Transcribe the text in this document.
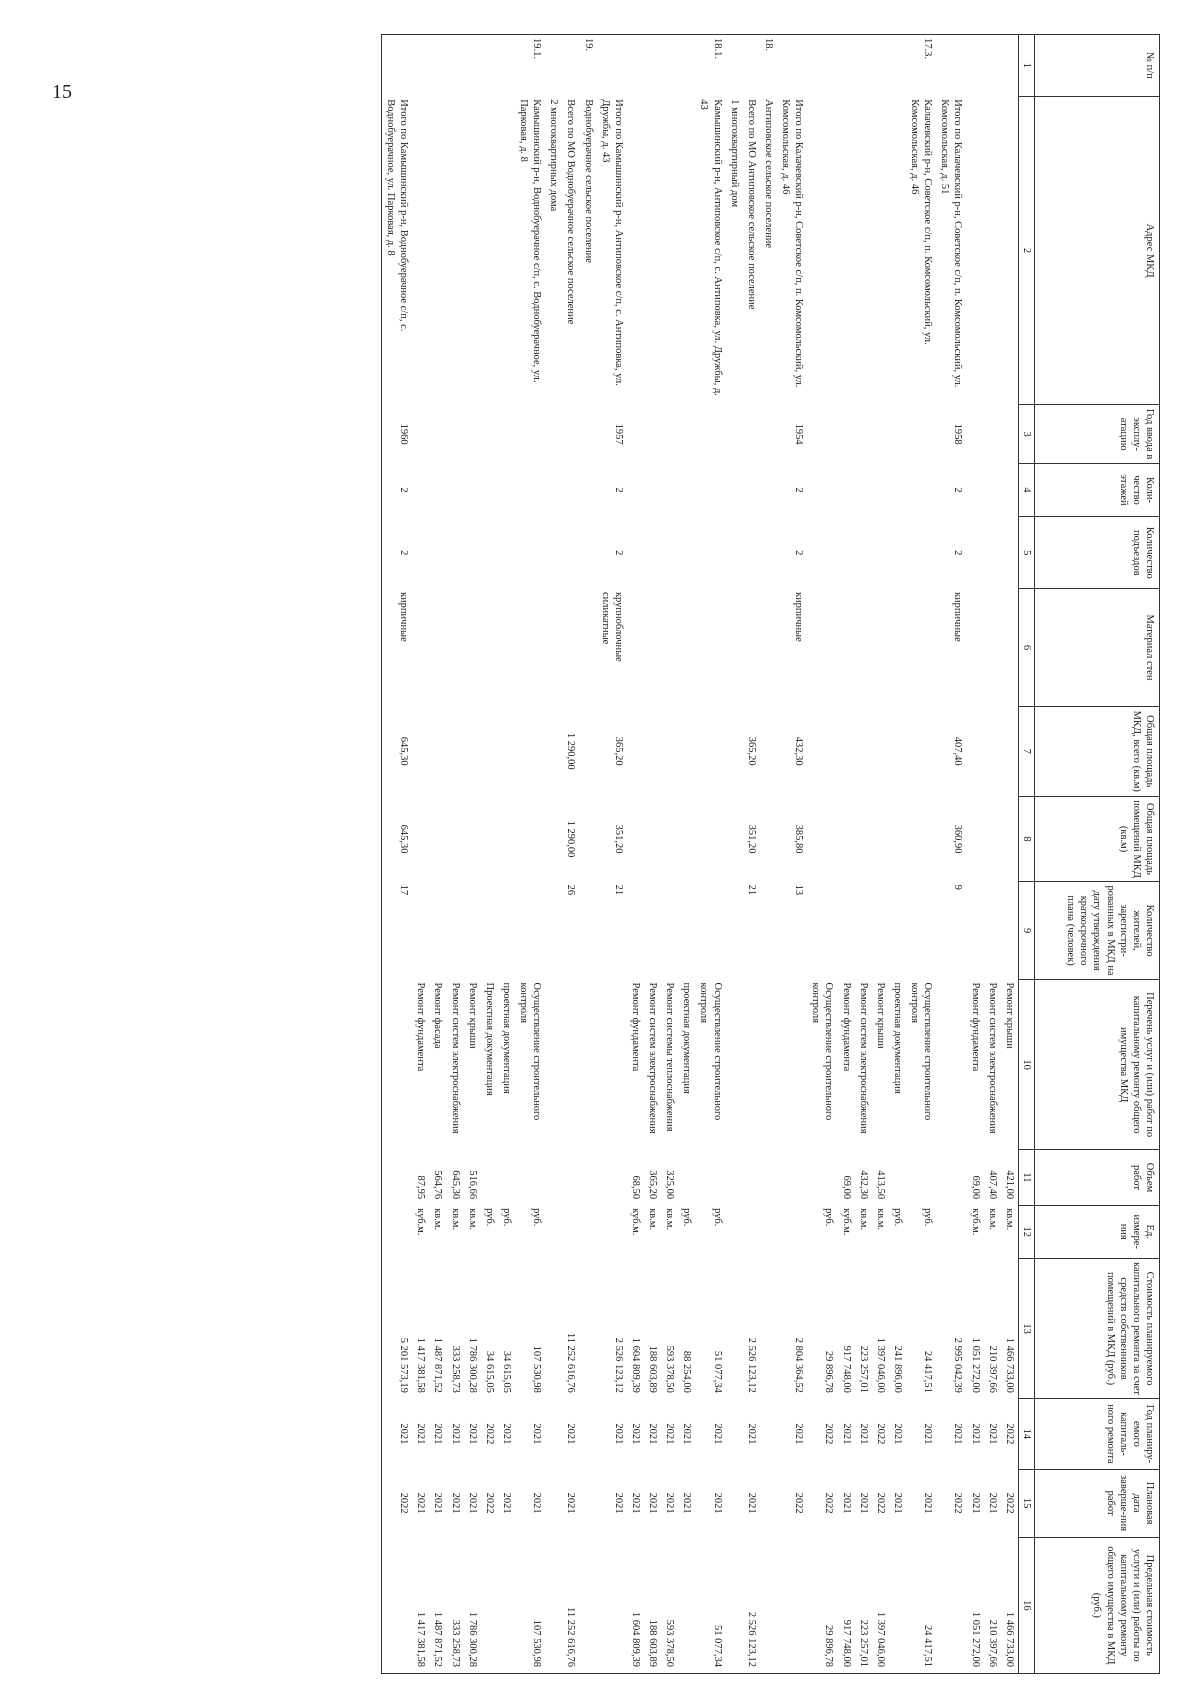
15
№ п/п	Адрес МКД	Год ввода в эксплу-атацию	Коли-чество этажей	Количество подъездов	Материал стен	Общая площадь МКД, всего (кв.м)	Общая площадь помещений МКД (кв.м)	Количество жителей, зарегистри-рованных в МКД на дату утверждения краткосрочного плана (человек)	Перечень услуг и (или) работ по капитальному ремонту общего имущества МКД	Объем работ	Ед. измере-ния	Стоимость планируемого капитального ремонта за счет средств собственников помещений в МКД (руб.)	Год планиру-емого капиталь-ного ремонта	Плановая дата заверше-ния работ	Предельная стоимость услуги и (или) работы по капитальному ремонту общего имущества в МКД (руб.)
1	2	3	4	5	6	7	8	9	10	11	12	13	14	15	16
									Ремонт крыши	421,00	кв.м.	1 466 733,00	2022	2022	1 466 733,00
									Ремонт систем электроснабжения	407,40	кв.м.	210 397,66	2021	2021	210 397,66
									Ремонт фундамента	69,00	куб.м.	1 051 272,00	2021	2021	1 051 272,00
	Итого по Калачевский р-н, Советское с/п, п. Комсомольский, ул. Комсомольская, д. 51	1958	2	2	кирпичные	407,40	360,90	9				2 995 042,39	2021	2022	
17.3.	Калачевский р-н, Советское с/п, п. Комсомольский, ул. Комсомольская, д. 46								Осуществление строительного контроля		руб.	24 417,51	2021	2021	24 417,51
									проектная документация		руб.	241 896,00	2021	2021	
									Ремонт крыши	413,50	кв.м.	1 397 046,00	2022	2022	1 397 046,00
									Ремонт систем электроснабжения	432,30	кв.м.	223 257,01	2021	2021	223 257,01
									Ремонт фундамента	69,00	куб.м.	917 748,00	2021	2021	917 748,00
									Осуществление строительного контроля		руб.	29 896,78	2022	2022	29 896,78
	Итого по Калачевский р-н, Советское с/п, п. Комсомольский, ул. Комсомольская, д. 46	1954	2	2	кирпичные	432,30	385,80	13				2 804 364,52	2021	2022	
18.	Антиповское сельское поселение														
	Всего по МО Антиповское сельское поселение					365,20	351,20	21				2 526 123,12	2021	2021	2 526 123,12
	1 многоквартирный дом														
18.1.	Камышинский р-н, Антиповское с/п, с. Антиповка, ул. Дружбы, д. 43								Осуществление строительного контроля		руб.	51 077,34	2021	2021	51 077,34
									проектная документация		руб.	88 254,00	2021	2021	
									Ремонт системы теплоснабжения	325,00	кв.м.	593 378,50	2021	2021	593 378,50
									Ремонт систем электроснабжения	365,20	кв.м.	188 603,89	2021	2021	188 603,89
									Ремонт фундамента	68,50	куб.м.	1 604 809,39	2021	2021	1 604 809,39
	Итого по Камышинский р-н, Антиповское с/п, с. Антиповка, ул. Дружбы, д. 43	1957	2	2	крупноблочные силикатные	365,20	351,20	21				2 526 123,12	2021	2021	
19.	Воднобуерачное сельское поселение														
	Всего по МО Воднобуерачное сельское поселение					1 290,00	1 290,00	26				11 252 616,76	2021	2021	11 252 616,76
	2 многоквартирных дома														
19.1.	Камышинский р-н, Воднобуерачное с/п, с. Воднобуерачное, ул. Парковая, д. 8								Осуществление строительного контроля		руб.	107 530,98	2021	2021	107 530,98
									проектная документация		руб.	34 615,05	2021	2021	
									Проектная документация		руб.	34 615,05	2022	2022	
									Ремонт крыши	516,66	кв.м.	1 786 300,28	2021	2021	1 786 300,28
									Ремонт систем электроснабжения	645,30	кв.м.	333 258,73	2021	2021	333 258,73
									Ремонт фасада	564,76	кв.м.	1 487 871,52	2021	2021	1 487 871,52
									Ремонт фундамента	87,95	куб.м.	1 417 381,58	2021	2021	1 417 381,58
	Итого по Камышинский р-н, Воднобуерачное с/п, с. Воднобуерачное, ул. Парковая, д. 8	1960	2	2	кирпичные	645,30	645,30	17				5 201 573,19	2021	2022	
